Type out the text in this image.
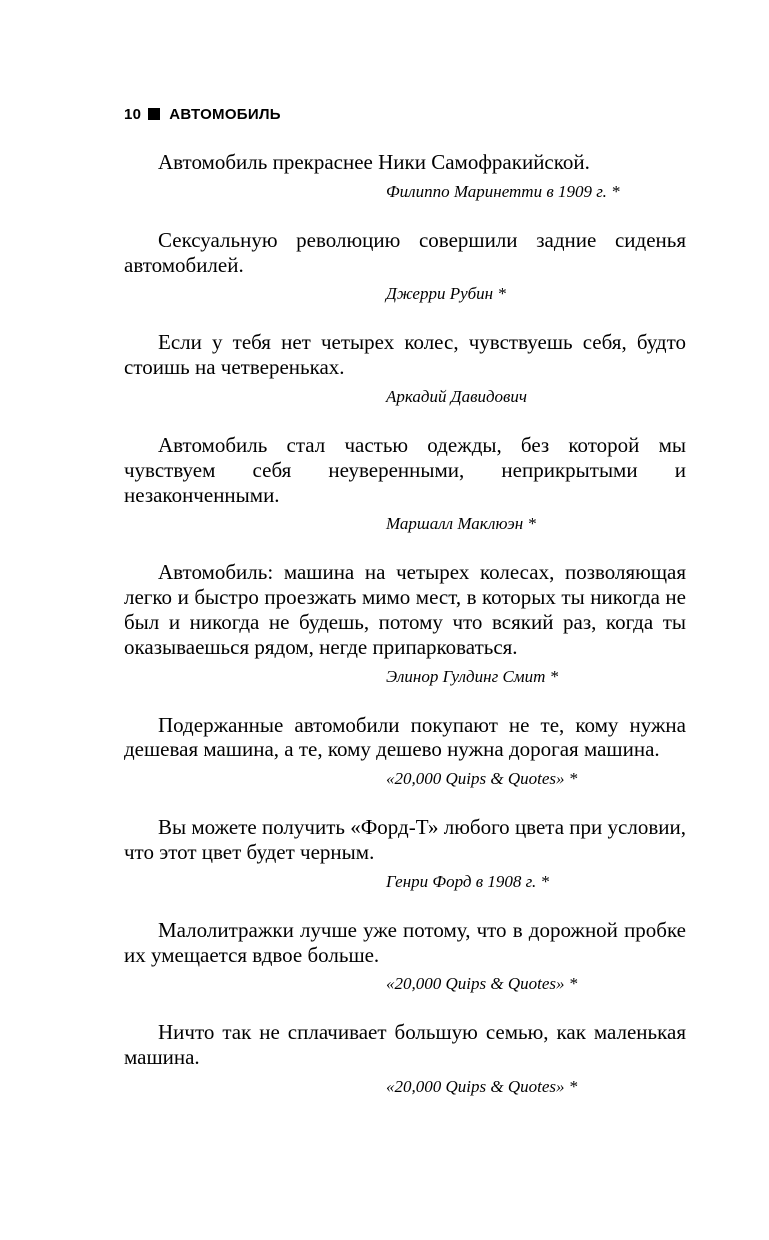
10 АВТОМОБИЛЬ

Автомобиль прекраснее Ники Самофракийской.

Филиппо Маринетти в 1909 г. *

Сексуальную революцию совершили задние сиденья автомобилей.

Джерри Рубин *

Если у тебя нет четырех колес, чувствуешь себя, будто стоишь на четвереньках.

Аркадий Давидович

Автомобиль стал частью одежды, без которой мы чувствуем себя неуверенными, неприкрытыми и незаконченными.

Маршалл Маклюэн *

Автомобиль: машина на четырех колесах, позволяющая легко и быстро проезжать мимо мест, в которых ты никогда не был и никогда не будешь, потому что всякий раз, когда ты оказываешься рядом, негде припарковаться.

Элинор Гулдинг Смит *

Подержанные автомобили покупают не те, кому нужна дешевая машина, а те, кому дешево нужна дорогая машина.

«20,000 Quips & Quotes» *

Вы можете получить «Форд-Т» любого цвета при условии, что этот цвет будет черным.

Генри Форд в 1908 г. *

Малолитражки лучше уже потому, что в дорожной пробке их умещается вдвое больше.

«20,000 Quips & Quotes» *

Ничто так не сплачивает большую семью, как маленькая машина.

«20,000 Quips & Quotes» *
